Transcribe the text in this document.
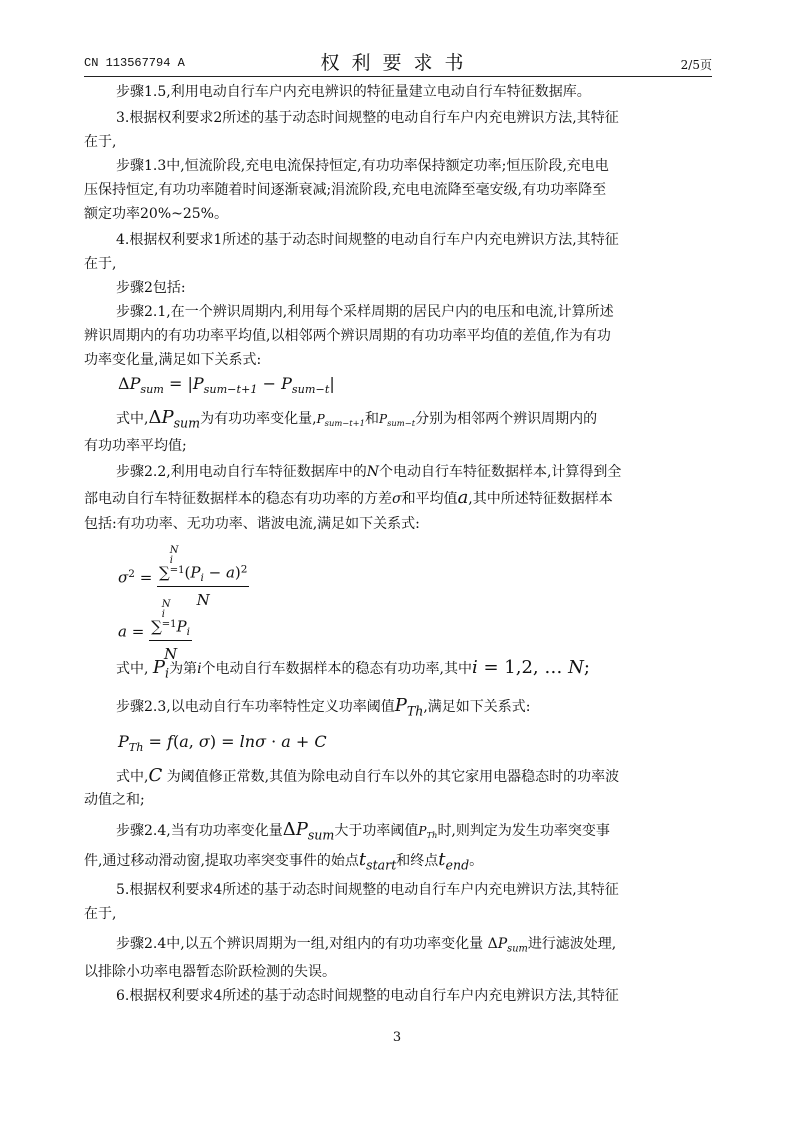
CN 113567794 A	权利要求书	2/5页
步骤1.5,利用电动自行车户内充电辨识的特征量建立电动自行车特征数据库。
3.根据权利要求2所述的基于动态时间规整的电动自行车户内充电辨识方法,其特征
在于,
步骤1.3中,恒流阶段,充电电流保持恒定,有功功率保持额定功率;恒压阶段,充电电
压保持恒定,有功功率随着时间逐渐衰减;涓流阶段,充电电流降至毫安级,有功功率降至
额定功率20%~25%。
4.根据权利要求1所述的基于动态时间规整的电动自行车户内充电辨识方法,其特征
在于,
步骤2包括:
步骤2.1,在一个辨识周期内,利用每个采样周期的居民户内的电压和电流,计算所述
辨识周期内的有功功率平均值,以相邻两个辨识周期的有功功率平均值的差值,作为有功
功率变化量,满足如下关系式:
$\Delta P_{sum} = |P_{sum-t+1} - P_{sum-t}|$
式中$,\Delta P_{sum}$为有功功率变化量$,P_{sum-t+1}$和$P_{sum-t}$分别为相邻两个辨识周期内的
有功功率平均值;
步骤2.2,利用电动自行车特征数据库中的N个电动自行车特征数据样本,计算得到全
部电动自行车特征数据样本的稳态有功功率的方差σ和平均值a,其中所述特征数据样本
包括:有功功率、无功功率、谐波电流,满足如下关系式:
$\sigma^2$ = ∑
N
i
=1 $(P_i - a)^2$
N
a = ∑
N
i
=1 $P_i$
N
式中, $P_i$为第i个电动自行车数据样本的稳态有功功率,其中i = 1,2, … N;
步骤2.3,以电动自行车功率特性定义功率阈值$P_{Th}$,满足如下关系式:
$P_{Th} = f(a$, σ) = lnσ · a + C
式中,C 为阈值修正常数,其值为除电动自行车以外的其它家用电器稳态时的功率波
动值之和;
步骤2.4,当有功功率变化量$\Delta P_{sum}$大于功率阈值$P_{Th}$时,则判定为发生功率突变事
件,通过移动滑动窗,提取功率突变事件的始点$t_{start}$和终点$t_{end}$。
5.根据权利要求4所述的基于动态时间规整的电动自行车户内充电辨识方法,其特征
在于,
步骤2.4中,以五个辨识周期为一组,对组内的有功功率变化量 $\Delta P_{sum}$进行滤波处理,
以排除小功率电器暂态阶跃检测的失误。
6.根据权利要求4所述的基于动态时间规整的电动自行车户内充电辨识方法,其特征
3
